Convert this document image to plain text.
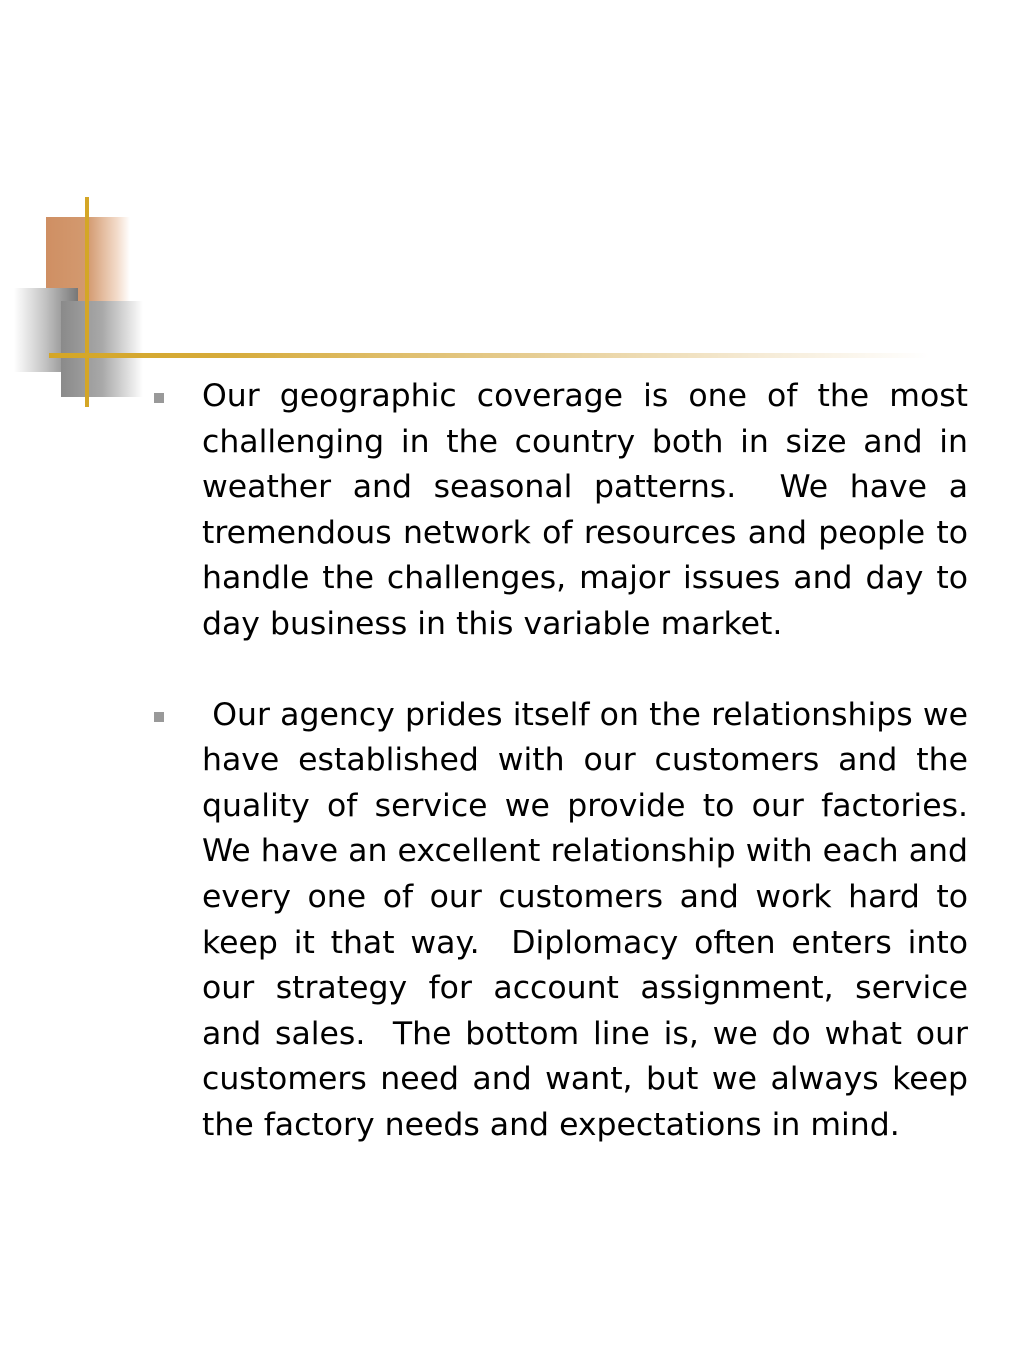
Our geographic coverage is one of the most challenging in the country both in size and in weather and seasonal patterns.  We have a tremendous network of resources and people to handle the challenges, major issues and day to day business in this variable market.
Our agency prides itself on the relationships we have established with our customers and the quality of service we provide to our factories.  We have an excellent relationship with each and every one of our customers and work hard to keep it that way.  Diplomacy often enters into our strategy for account assignment, service and sales.  The bottom line is, we do what our customers need and want, but we always keep the factory needs and expectations in mind.
